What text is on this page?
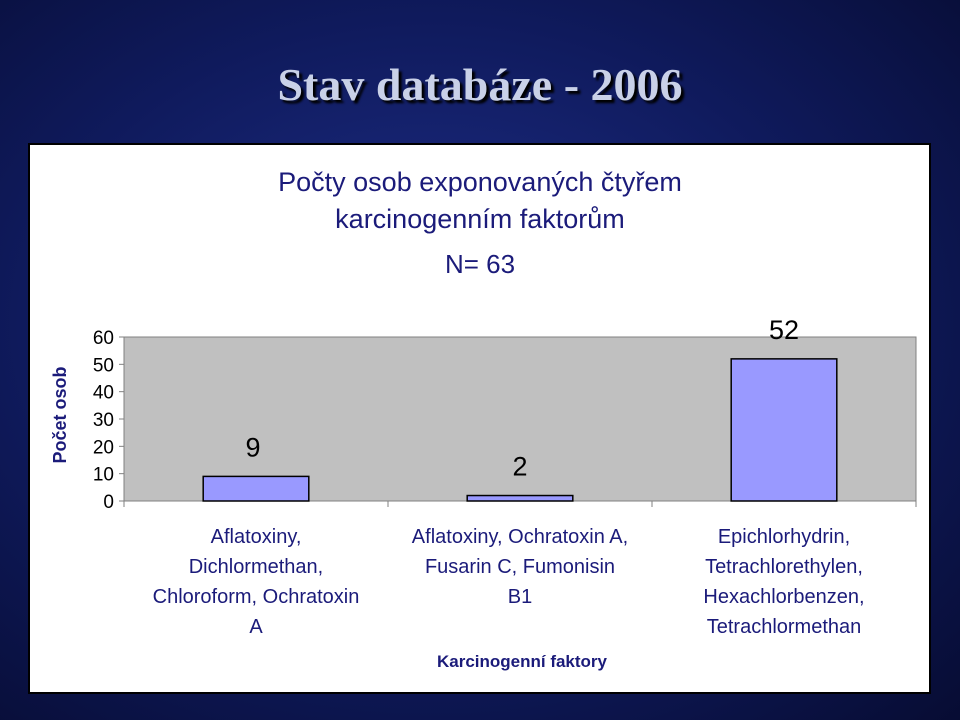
Stav databáze - 2006
Počty osob exponovaných čtyřem
karcinogenním faktorům
N= 63
0
10
20
30
40
50
60
Počet osob	9
Aflatoxiny,
Dichlormethan,
Chloroform, Ochratoxin
A
2
Aflatoxiny, Ochratoxin A,
Fusarin C, Fumonisin
B1
52
Epichlorhydrin,
Tetrachlorethylen,
Hexachlorbenzen,
Tetrachlormethan
Karcinogenní faktory
